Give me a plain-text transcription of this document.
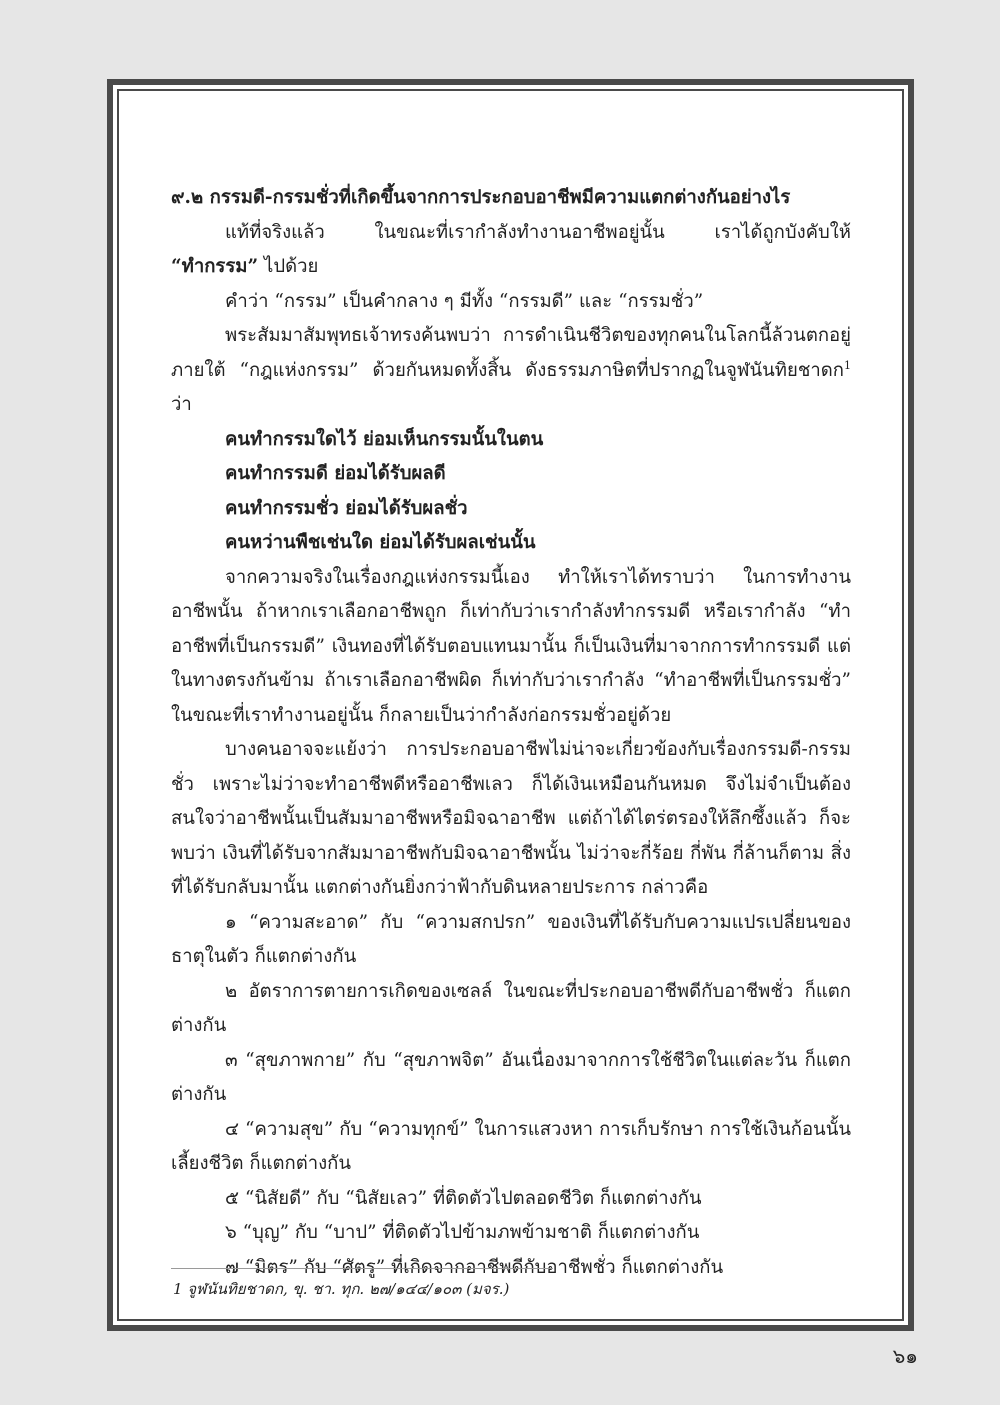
๙.๒ กรรมดี-กรรมชั่วที่เกิดขึ้นจากการประกอบอาชีพมีความแตกต่างกันอย่างไร

แท้ที่จริงแล้ว ในขณะที่เรากำลังทำงานอาชีพอยู่นั้น เราได้ถูกบังคับให้ “ทำกรรม” ไปด้วย

คำว่า “กรรม” เป็นคำกลาง ๆ มีทั้ง “กรรมดี” และ “กรรมชั่ว”

พระสัมมาสัมพุทธเจ้าทรงค้นพบว่า การดำเนินชีวิตของทุกคนในโลกนี้ล้วนตกอยู่ภายใต้ “กฎแห่งกรรม” ด้วยกันหมดทั้งสิ้น ดังธรรมภาษิตที่ปรากฏในจูฬนันทิยชาดก$^1$ ว่า

คนทำกรรมใดไว้ ย่อมเห็นกรรมนั้นในตน

คนทำกรรมดี ย่อมได้รับผลดี

คนทำกรรมชั่ว ย่อมได้รับผลชั่ว

คนหว่านพืชเช่นใด ย่อมได้รับผลเช่นนั้น

จากความจริงในเรื่องกฎแห่งกรรมนี้เอง ทำให้เราได้ทราบว่า ในการทำงานอาชีพนั้น ถ้าหากเราเลือกอาชีพถูก ก็เท่ากับว่าเรากำลังทำกรรมดี หรือเรากำลัง “ทำอาชีพที่เป็นกรรมดี” เงินทองที่ได้รับตอบแทนมานั้น ก็เป็นเงินที่มาจากการทำกรรมดี แต่ในทางตรงกันข้าม ถ้าเราเลือกอาชีพผิด ก็เท่ากับว่าเรากำลัง “ทำอาชีพที่เป็นกรรมชั่ว” ในขณะที่เราทำงานอยู่นั้น ก็กลายเป็นว่ากำลังก่อกรรมชั่วอยู่ด้วย

บางคนอาจจะแย้งว่า การประกอบอาชีพไม่น่าจะเกี่ยวข้องกับเรื่องกรรมดี-กรรมชั่ว เพราะไม่ว่าจะทำอาชีพดีหรืออาชีพเลว ก็ได้เงินเหมือนกันหมด จึงไม่จำเป็นต้องสนใจว่าอาชีพนั้นเป็นสัมมาอาชีพหรือมิจฉาอาชีพ แต่ถ้าได้ไตร่ตรองให้ลึกซึ้งแล้ว ก็จะพบว่า เงินที่ได้รับจากสัมมาอาชีพกับมิจฉาอาชีพนั้น ไม่ว่าจะกี่ร้อย กี่พัน กี่ล้านก็ตาม สิ่งที่ได้รับกลับมานั้น แตกต่างกันยิ่งกว่าฟ้ากับดินหลายประการ กล่าวคือ

๑ “ความสะอาด” กับ “ความสกปรก” ของเงินที่ได้รับกับความแปรเปลี่ยนของธาตุในตัว ก็แตกต่างกัน

๒ อัตราการตายการเกิดของเซลล์ ในขณะที่ประกอบอาชีพดีกับอาชีพชั่ว ก็แตกต่างกัน

๓ “สุขภาพกาย” กับ “สุขภาพจิต” อันเนื่องมาจากการใช้ชีวิตในแต่ละวัน ก็แตกต่างกัน

๔ “ความสุข” กับ “ความทุกข์” ในการแสวงหา การเก็บรักษา การใช้เงินก้อนนั้นเลี้ยงชีวิต ก็แตกต่างกัน

๕ “นิสัยดี” กับ “นิสัยเลว” ที่ติดตัวไปตลอดชีวิต ก็แตกต่างกัน

๖ “บุญ” กับ “บาป” ที่ติดตัวไปข้ามภพข้ามชาติ ก็แตกต่างกัน

๗ “มิตร” กับ “ศัตรู” ที่เกิดจากอาชีพดีกับอาชีพชั่ว ก็แตกต่างกัน

1 จูฬนันทิยชาดก, ขุ. ชา. ทุก. ๒๗/๑๔๔/๑๐๓ (มจร.)
๖๑
